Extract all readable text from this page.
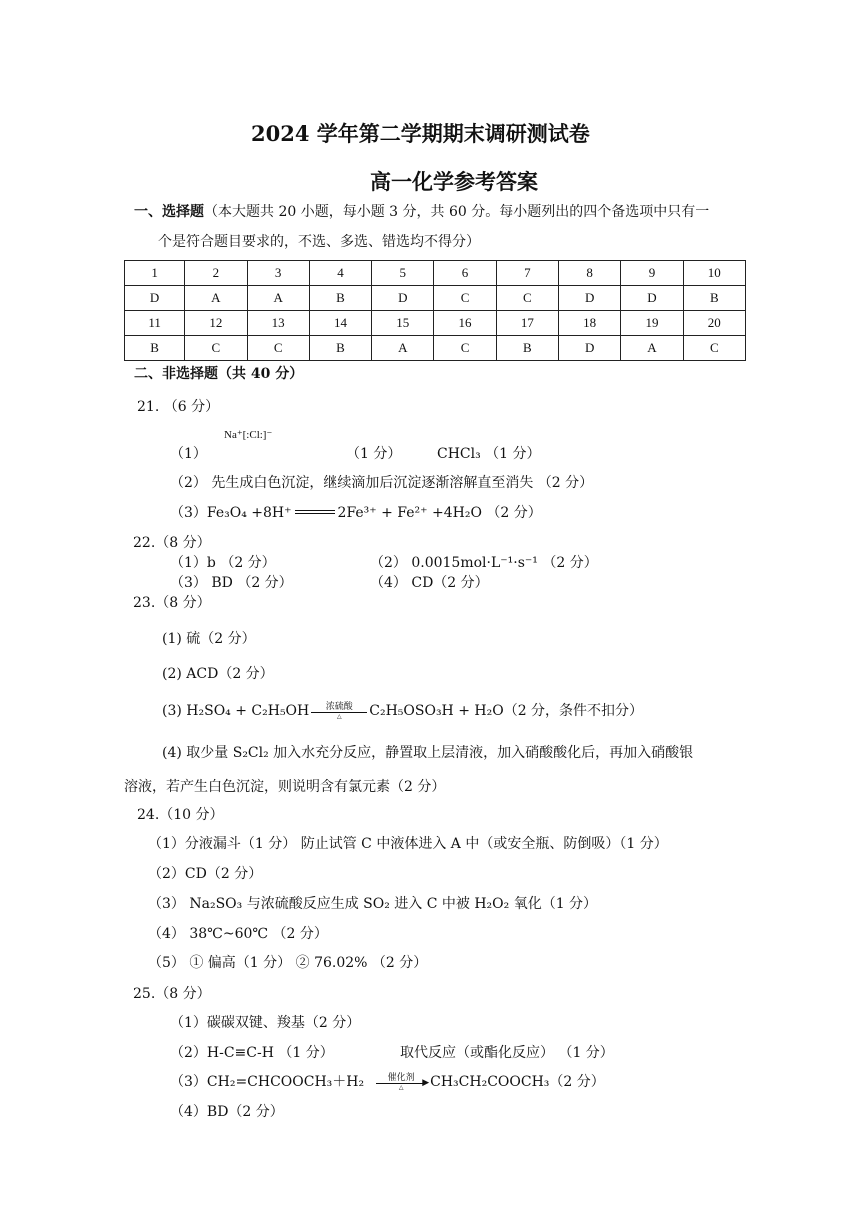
2024 学年第二学期期末调研测试卷
高一化学参考答案
一、选择题（本大题共 20 小题，每小题 3 分，共 60 分。每小题列出的四个备选项中只有一
个是符合题目要求的，不选、多选、错选均不得分）
1	2	3	4	5	6	7	8	9	10
D	A	A	B	D	C	C	D	D	B
11	12	13	14	15	16	17	18	19	20
B	C	C	B	A	C	B	D	A	C
二、非选择题（共 40 分）
21. （6 分）
（1）
Na⁺[:Cl:]⁻
（1 分）	CHCl₃ （1 分）
（2） 先生成白色沉淀，继续滴加后沉淀逐渐溶解直至消失 （2 分）
（3）Fe₃O₄ +8H⁺	2Fe³⁺ + Fe²⁺ +4H₂O （2 分）
22.（8 分）
（1）b （2 分）	（2） 0.0015mol·L⁻¹·s⁻¹ （2 分）
（3） BD （2 分）	（4） CD（2 分）
23.（8 分）
(1) 硫（2 分）
(2) ACD（2 分）
(3) H₂SO₄ + C₂H₅OH	浓硫酸
△	C₂H₅OSO₃H + H₂O（2 分，条件不扣分）
(4) 取少量 S₂Cl₂ 加入水充分反应，静置取上层清液，加入硝酸酸化后，再加入硝酸银
溶液，若产生白色沉淀，则说明含有氯元素（2 分）
24.（10 分）
（1）分液漏斗（1 分） 防止试管 C 中液体进入 A 中（或安全瓶、防倒吸）（1 分）
（2）CD（2 分）
（3） Na₂SO₃ 与浓硫酸反应生成 SO₂ 进入 C 中被 H₂O₂ 氧化（1 分）
（4） 38℃~60℃ （2 分）
（5） ① 偏高（1 分） ② 76.02% （2 分）
25.（8 分）
（1）碳碳双键、羧基（2 分）
（2）H-C≡C-H （1 分）	取代反应（或酯化反应） （1 分）
（3）CH₂=CHCOOCH₃＋H₂	催化剂
△	▶ CH₃CH₂COOCH₃（2 分）
（4）BD（2 分）
